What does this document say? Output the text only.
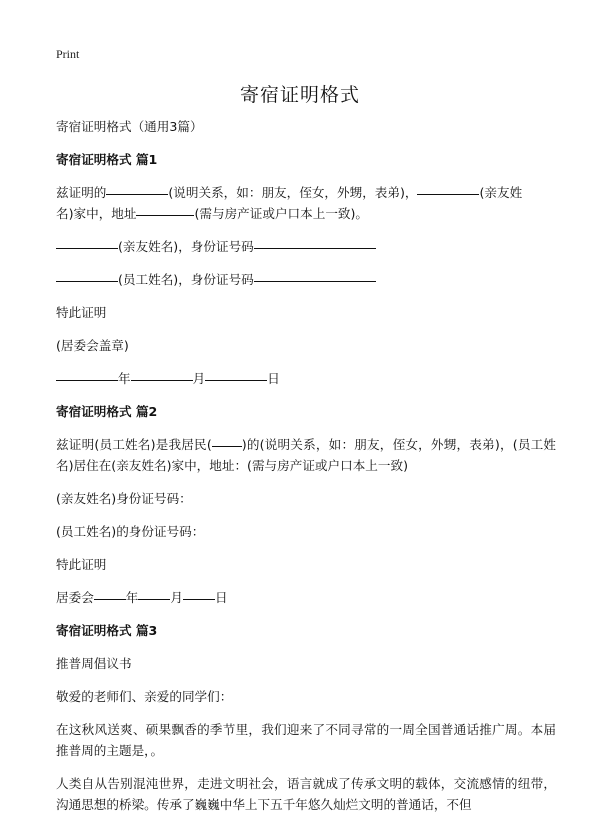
Print
寄宿证明格式
寄宿证明格式（通用3篇）
寄宿证明格式 篇1
兹证明的	(说明关系，如：朋友，侄女，外甥，表弟)，	(亲友姓
名)家中，地址	(需与房产证或户口本上一致)。
(亲友姓名)，身份证号码
(员工姓名)，身份证号码
特此证明
(居委会盖章)
年	月	日
寄宿证明格式 篇2
兹证明(员工姓名)是我居民( )的(说明关系，如：朋友，侄女，外甥，表弟)，(员工姓名)居住在(亲友姓名)家中，地址：(需与房产证或户口本上一致)
(亲友姓名)身份证号码：
(员工姓名)的身份证号码：
特此证明
居委会	年	月	日
寄宿证明格式 篇3
推普周倡议书
敬爱的老师们、亲爱的同学们：
在这秋风送爽、硕果飘香的季节里，我们迎来了不同寻常的一周全国普通话推广周。本届推普周的主题是，。
人类自从告别混沌世界，走进文明社会，语言就成了传承文明的载体，交流感情的纽带，沟通思想的桥梁。传承了巍巍中华上下五千年悠久灿烂文明的普通话，不但
